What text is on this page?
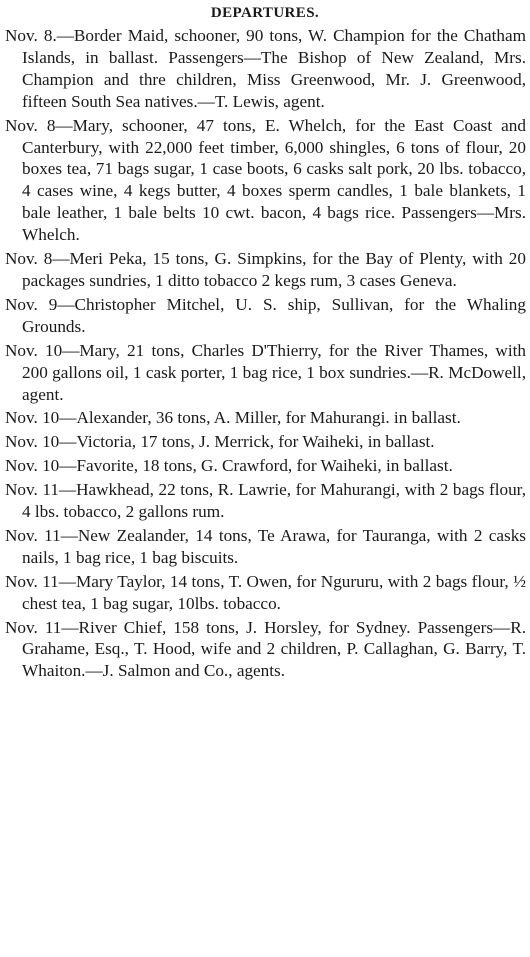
DEPARTURES.

Nov. 8.—Border Maid, schooner, 90 tons, W. Champion for the Chatham Islands, in ballast. Passengers—The Bishop of New Zealand, Mrs. Champion and thre children, Miss Greenwood, Mr. J. Greenwood, fifteen South Sea natives.—T. Lewis, agent.

Nov. 8—Mary, schooner, 47 tons, E. Whelch, for the East Coast and Canterbury, with 22,000 feet timber, 6,000 shingles, 6 tons of flour, 20 boxes tea, 71 bags sugar, 1 case boots, 6 casks salt pork, 20 lbs. tobacco, 4 cases wine, 4 kegs butter, 4 boxes sperm candles, 1 bale blankets, 1 bale leather, 1 bale belts 10 cwt. bacon, 4 bags rice. Passengers—Mrs. Whelch.

Nov. 8—Meri Peka, 15 tons, G. Simpkins, for the Bay of Plenty, with 20 packages sundries, 1 ditto tobacco 2 kegs rum, 3 cases Geneva.

Nov. 9—Christopher Mitchel, U. S. ship, Sullivan, for the Whaling Grounds.

Nov. 10—Mary, 21 tons, Charles D'Thierry, for the River Thames, with 200 gallons oil, 1 cask porter, 1 bag rice, 1 box sundries.—R. McDowell, agent.

Nov. 10—Alexander, 36 tons, A. Miller, for Mahurangi. in ballast.

Nov. 10—Victoria, 17 tons, J. Merrick, for Waiheki, in ballast.

Nov. 10—Favorite, 18 tons, G. Crawford, for Waiheki, in ballast.

Nov. 11—Hawkhead, 22 tons, R. Lawrie, for Mahurangi, with 2 bags flour, 4 lbs. tobacco, 2 gallons rum.

Nov. 11—New Zealander, 14 tons, Te Arawa, for Tauranga, with 2 casks nails, 1 bag rice, 1 bag biscuits.

Nov. 11—Mary Taylor, 14 tons, T. Owen, for Ngururu, with 2 bags flour, ½ chest tea, 1 bag sugar, 10lbs. tobacco.

Nov. 11—River Chief, 158 tons, J. Horsley, for Sydney. Passengers—R. Grahame, Esq., T. Hood, wife and 2 children, P. Callaghan, G. Barry, T. Whaiton.—J. Salmon and Co., agents.
